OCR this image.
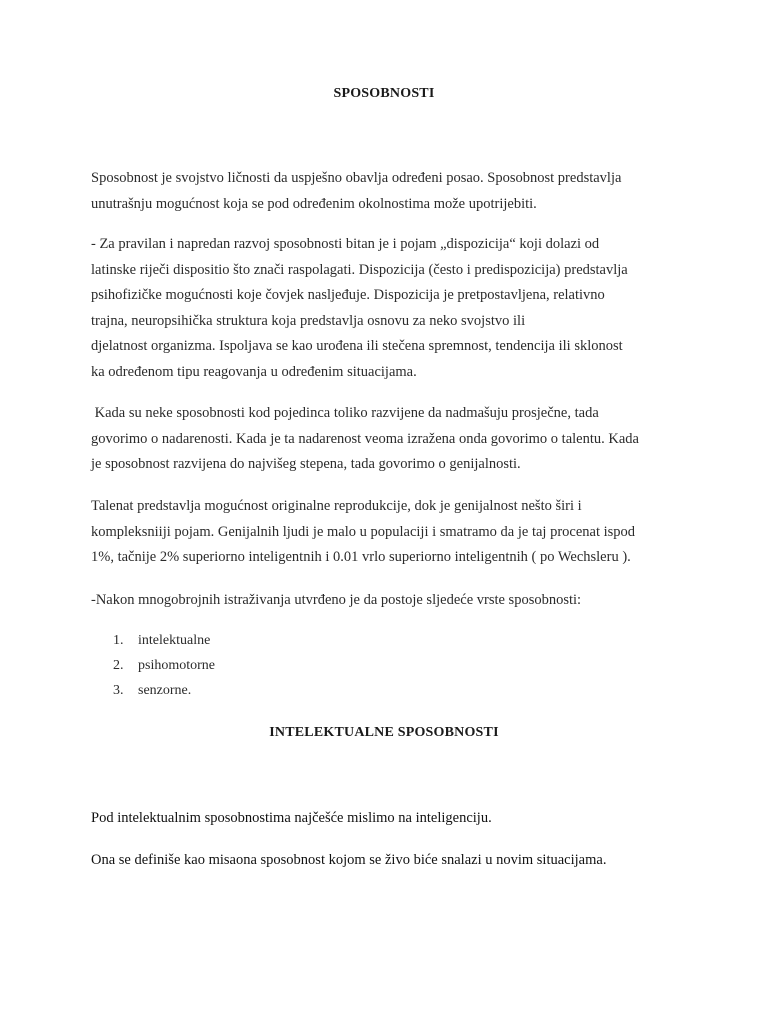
SPOSOBNOSTI
Sposobnost je svojstvo ličnosti da uspješno obavlja određeni posao. Sposobnost predstavlja
unutrašnju mogućnost koja se pod određenim okolnostima može upotrijebiti.
- Za pravilan i napredan razvoj sposobnosti bitan je i pojam „dispozicija“ koji dolazi od
latinske riječi dispositio što znači raspolagati. Dispozicija (često i predispozicija) predstavlja
psihofizičke mogućnosti koje čovjek nasljeđuje. Dispozicija je pretpostavljena, relativno
trajna, neuropsihička struktura koja predstavlja osnovu za neko svojstvo ili
djelatnost organizma. Ispoljava se kao urođena ili stečena spremnost, tendencija ili sklonost
ka određenom tipu reagovanja u određenim situacijama.
Kada su neke sposobnosti kod pojedinca toliko razvijene da nadmašuju prosječne, tada
govorimo o nadarenosti. Kada je ta nadarenost veoma izražena onda govorimo o talentu. Kada
je sposobnost razvijena do najvišeg stepena, tada govorimo o genijalnosti.
Talenat predstavlja mogućnost originalne reprodukcije, dok je genijalnost nešto širi i
kompleksniiji pojam. Genijalnih ljudi je malo u populaciji i smatramo da je taj procenat ispod
1%, tačnije 2% superiorno inteligentnih i 0.01 vrlo superiorno inteligentnih ( po Wechsleru ).
-Nakon mnogobrojnih istraživanja utvrđeno je da postoje sljedeće vrste sposobnosti:
1. intelektualne
2. psihomotorne
3. senzorne.
INTELEKTUALNE SPOSOBNOSTI
Pod intelektualnim sposobnostima najčešće mislimo na inteligenciju.
Ona se definiše kao misaona sposobnost kojom se živo biće snalazi u novim situacijama.
